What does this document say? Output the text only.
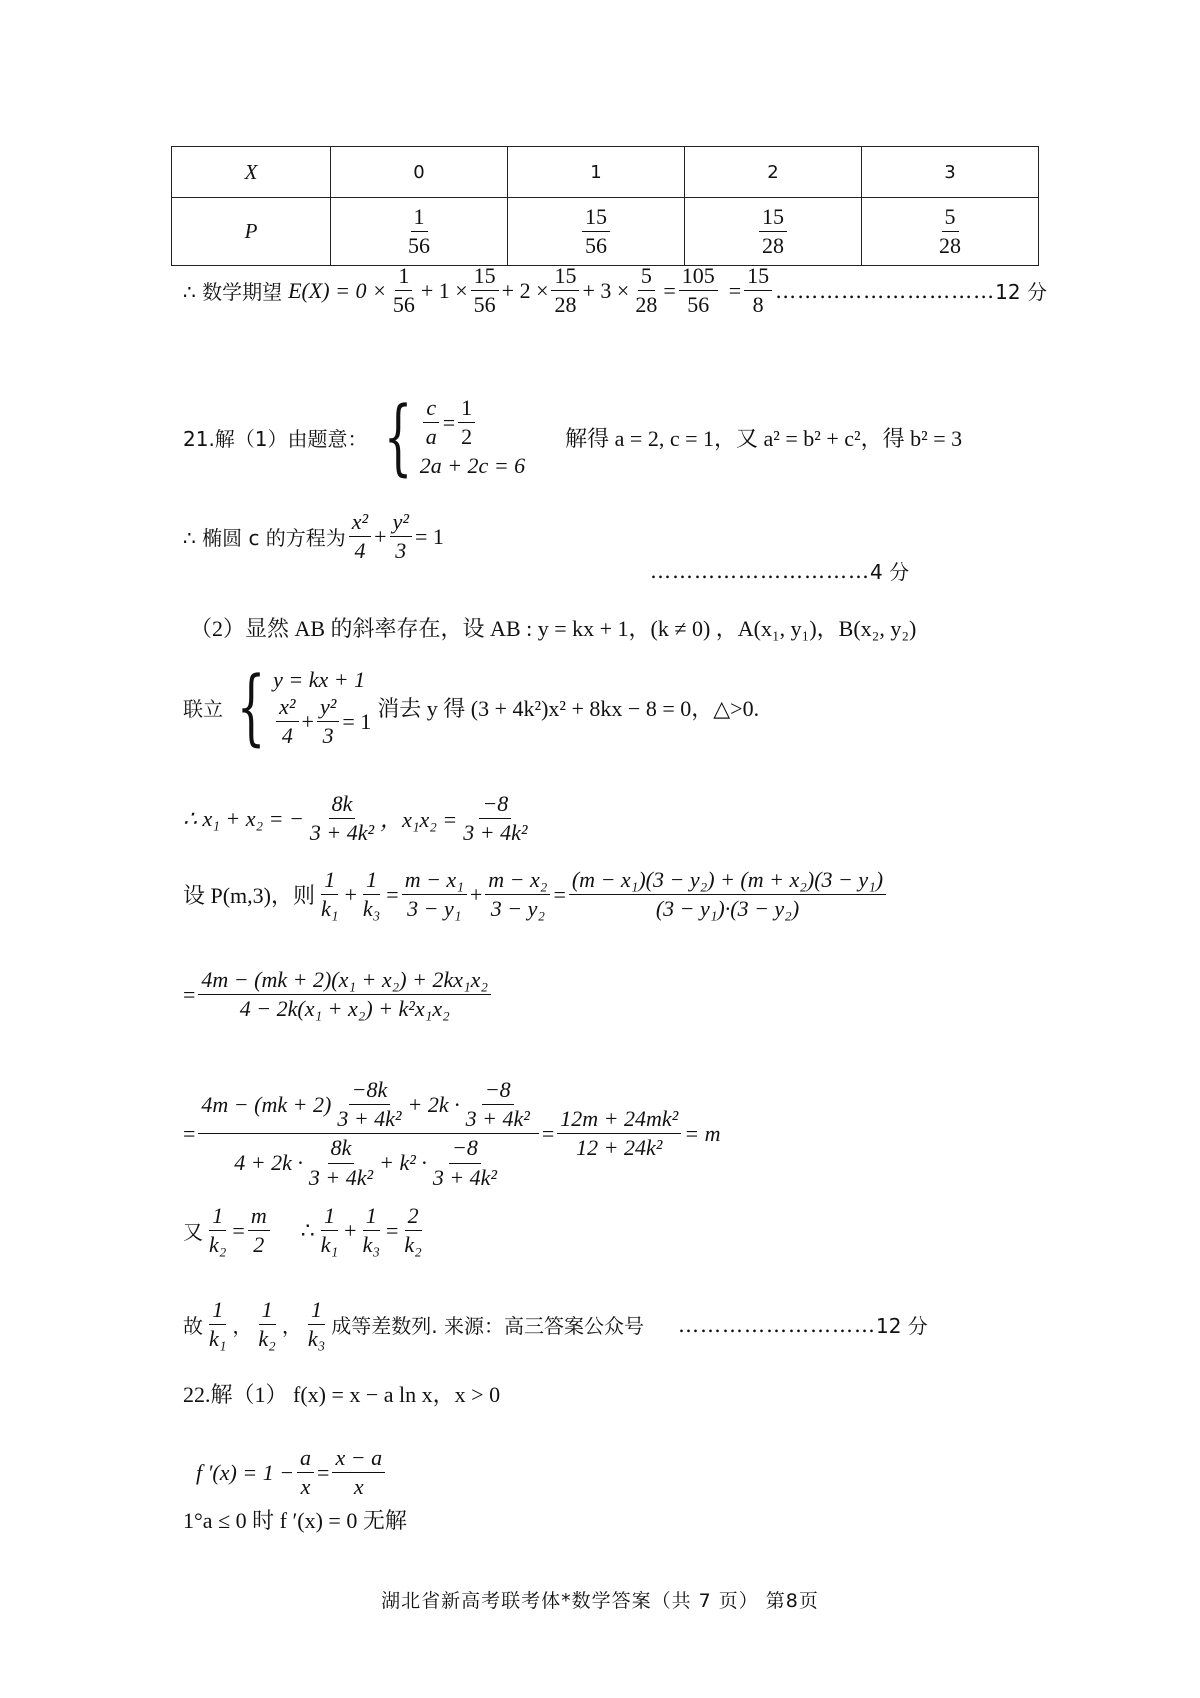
X	0	1	2	3
P	$\frac{1}{56}$	$\frac{15}{56}$	$\frac{15}{28}$	$\frac{5}{28}$
∴ 数学期望 $E(X) = 0 \times \frac{1}{56} + 1 \times \frac{15}{56} + 2 \times \frac{15}{28} + 3 \times \frac{5}{28} = \frac{105}{56} = \frac{15}{8}$ ………………………… 12 分
21.解（1）由题意： { $\frac{c}{a} = \frac{1}{2}$
2a + 2c = 6
解得 a = 2, c = 1，又 a² = b² + c²，得 b² = 3
∴ 椭圆 c 的方程为 $\frac{\text{x²}}{4} + \frac{\text{y²}}{3} = 1$
………………………… 4 分
（2）显然 AB 的斜率存在，设 AB : y = kx + 1，(k ≠ 0) ，A(x₁, y₁)，B(x₂, y₂)
联立 { y = kx + 1
$\frac{\text{x²}}{4} + \frac{\text{y²}}{3} = 1$ 消去 y 得 (3 + 4k²)x² + 8kx − 8 = 0，△>0.
∴ x₁ + x₂ = − $\frac{8k}{\text{3 + 4k²}}$ ，$x_1x_2 = \frac{-8}{\text{3 + 4k²}}$
设 P(m,3)，则 $\frac{1}{\text{k₁}} + \frac{1}{\text{k₃}} = \frac{\text{m − x₁}}{\text{3 − y₁}} + \frac{\text{m − x₂}}{\text{3 − y₂}} = \frac{\text{(m − x₁)(3 − y₂) + (m + x₂)(3 − y₁)}}{\text{(3 − y₁)·(3 − y₂)}}$
= $\frac{\text{4m − (mk + 2)(x₁ + x₂) + 2kx₁x₂}}{\text{4 − 2k(x₁ + x₂) + k²x₁x₂}}$
= $\frac{4m - (mk + 2) \frac{-8k}{\text{3 + 4k²}} + 2k \cdot \frac{-8}{\text{3 + 4k²}}}{4 + 2k \cdot \frac{8k}{\text{3 + 4k²}} + k^2 \cdot \frac{-8}{\text{3 + 4k²}}} = \frac{\text{12m + 24mk²}}{\text{12 + 24k²}} = m$
又 $\frac{1}{\text{k₂}} = \frac{m}{2}$ ∴ $\frac{1}{\text{k₁}} + \frac{1}{\text{k₃}} = \frac{2}{\text{k₂}}$
故 $\frac{1}{\text{k₁}}$ ， $\frac{1}{\text{k₂}}$ ， $\frac{1}{\text{k₃}}$ 成等差数列. 来源：高三答案公众号 ……………………… 12 分
22.解（1） f(x) = x − a ln x，x > 0
f $'(x) = 1 - \frac{a}{x} = \frac{x - a}{x}$
1°a ≤ 0 时 f ′(x) = 0 无解
湖北省新高考联考体*数学答案（共 7 页） 第8页
